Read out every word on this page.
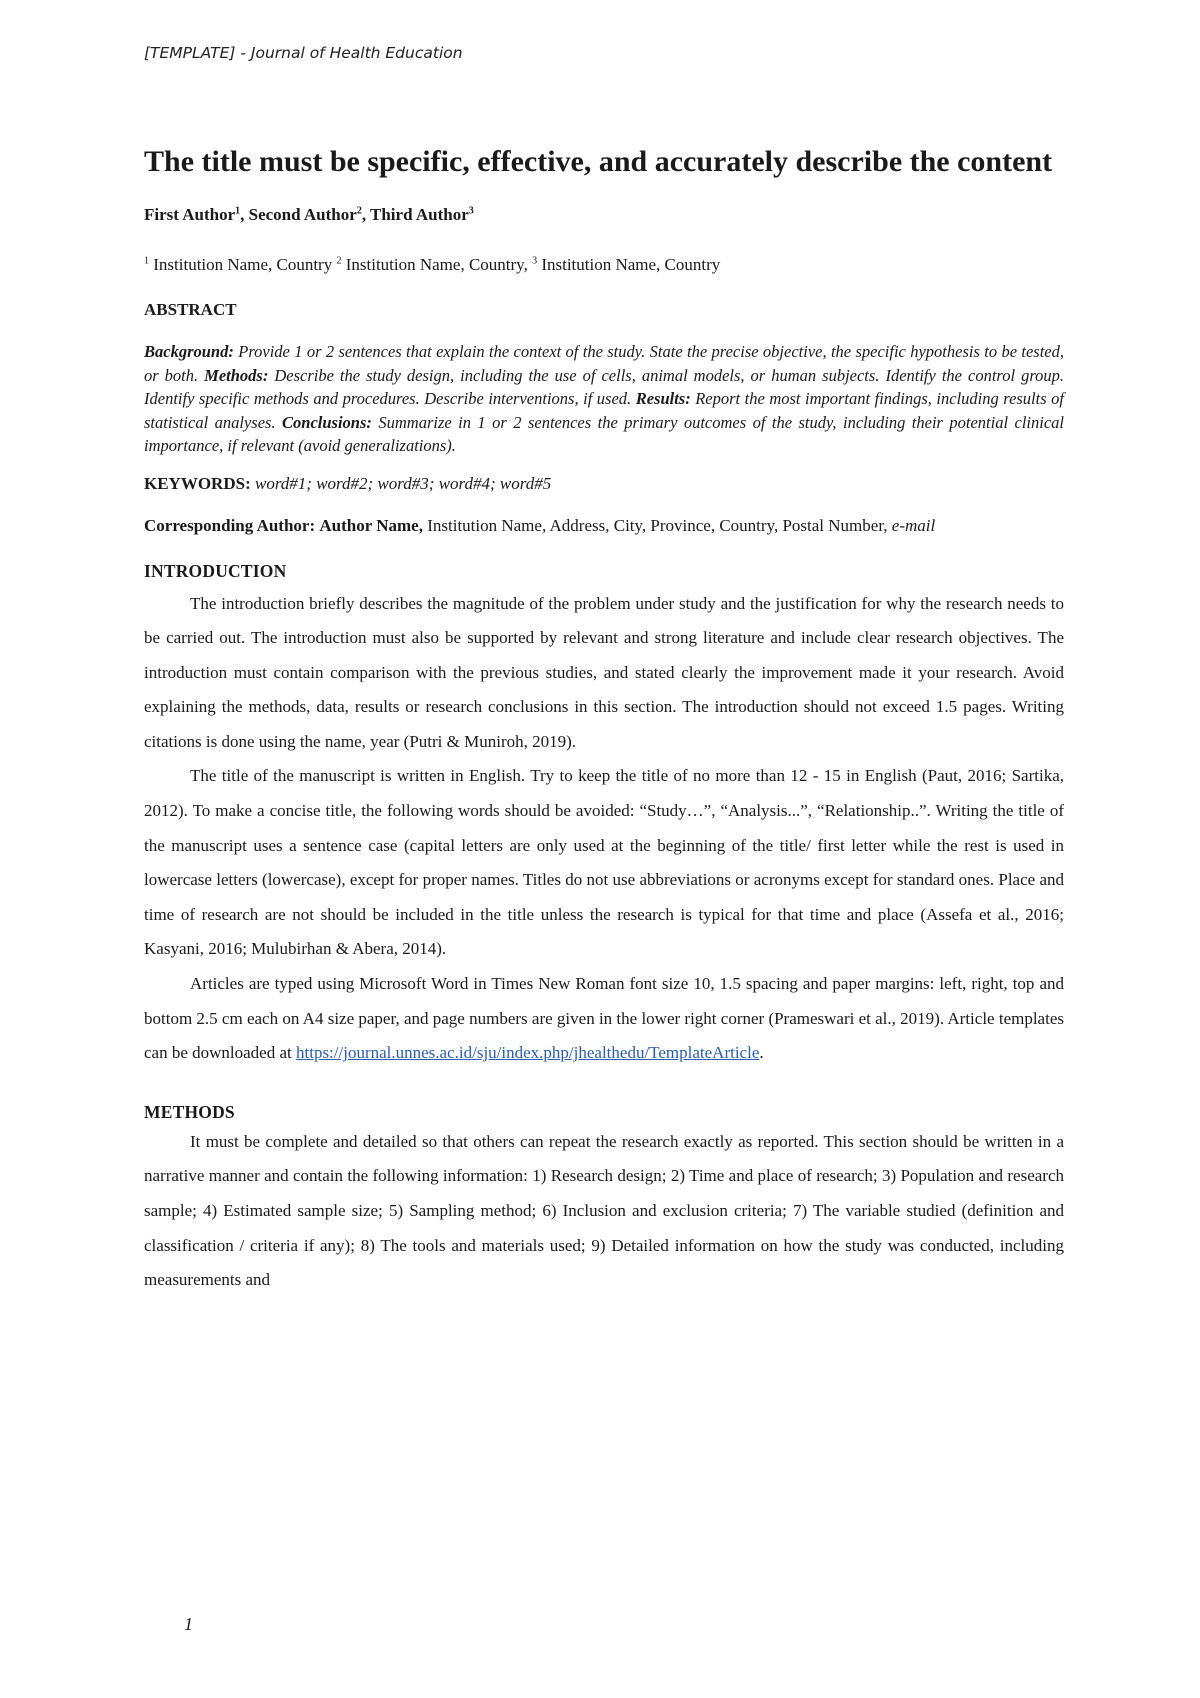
[TEMPLATE] - Journal of Health Education
The title must be specific, effective, and accurately describe the content
First Author$^1$, Second Author$^2$, Third Author$^3$
$^1$ Institution Name, Country $^2$ Institution Name, Country, $^3$ Institution Name, Country
ABSTRACT
Background: Provide 1 or 2 sentences that explain the context of the study. State the precise objective, the specific hypothesis to be tested, or both. Methods: Describe the study design, including the use of cells, animal models, or human subjects. Identify the control group. Identify specific methods and procedures. Describe interventions, if used. Results: Report the most important findings, including results of statistical analyses. Conclusions: Summarize in 1 or 2 sentences the primary outcomes of the study, including their potential clinical importance, if relevant (avoid generalizations).
KEYWORDS: word#1; word#2; word#3; word#4; word#5
Corresponding Author: Author Name, Institution Name, Address, City, Province, Country, Postal Number, e-mail
INTRODUCTION

The introduction briefly describes the magnitude of the problem under study and the justification for why the research needs to be carried out. The introduction must also be supported by relevant and strong literature and include clear research objectives. The introduction must contain comparison with the previous studies, and stated clearly the improvement made it your research. Avoid explaining the methods, data, results or research conclusions in this section. The introduction should not exceed 1.5 pages. Writing citations is done using the name, year (Putri & Muniroh, 2019).

The title of the manuscript is written in English. Try to keep the title of no more than 12 - 15 in English (Paut, 2016; Sartika, 2012). To make a concise title, the following words should be avoided: “Study…”, “Analysis...”, “Relationship..”. Writing the title of the manuscript uses a sentence case (capital letters are only used at the beginning of the title/ first letter while the rest is used in lowercase letters (lowercase), except for proper names. Titles do not use abbreviations or acronyms except for standard ones. Place and time of research are not should be included in the title unless the research is typical for that time and place (Assefa et al., 2016; Kasyani, 2016; Mulubirhan & Abera, 2014).

Articles are typed using Microsoft Word in Times New Roman font size 10, 1.5 spacing and paper margins: left, right, top and bottom 2.5 cm each on A4 size paper, and page numbers are given in the lower right corner (Prameswari et al., 2019). Article templates can be downloaded at https://journal.unnes.ac.id/sju/index.php/jhealthedu/TemplateArticle.

METHODS

It must be complete and detailed so that others can repeat the research exactly as reported. This section should be written in a narrative manner and contain the following information: 1) Research design; 2) Time and place of research; 3) Population and research sample; 4) Estimated sample size; 5) Sampling method; 6) Inclusion and exclusion criteria; 7) The variable studied (definition and classification / criteria if any); 8) The tools and materials used; 9) Detailed information on how the study was conducted, including measurements and

1
